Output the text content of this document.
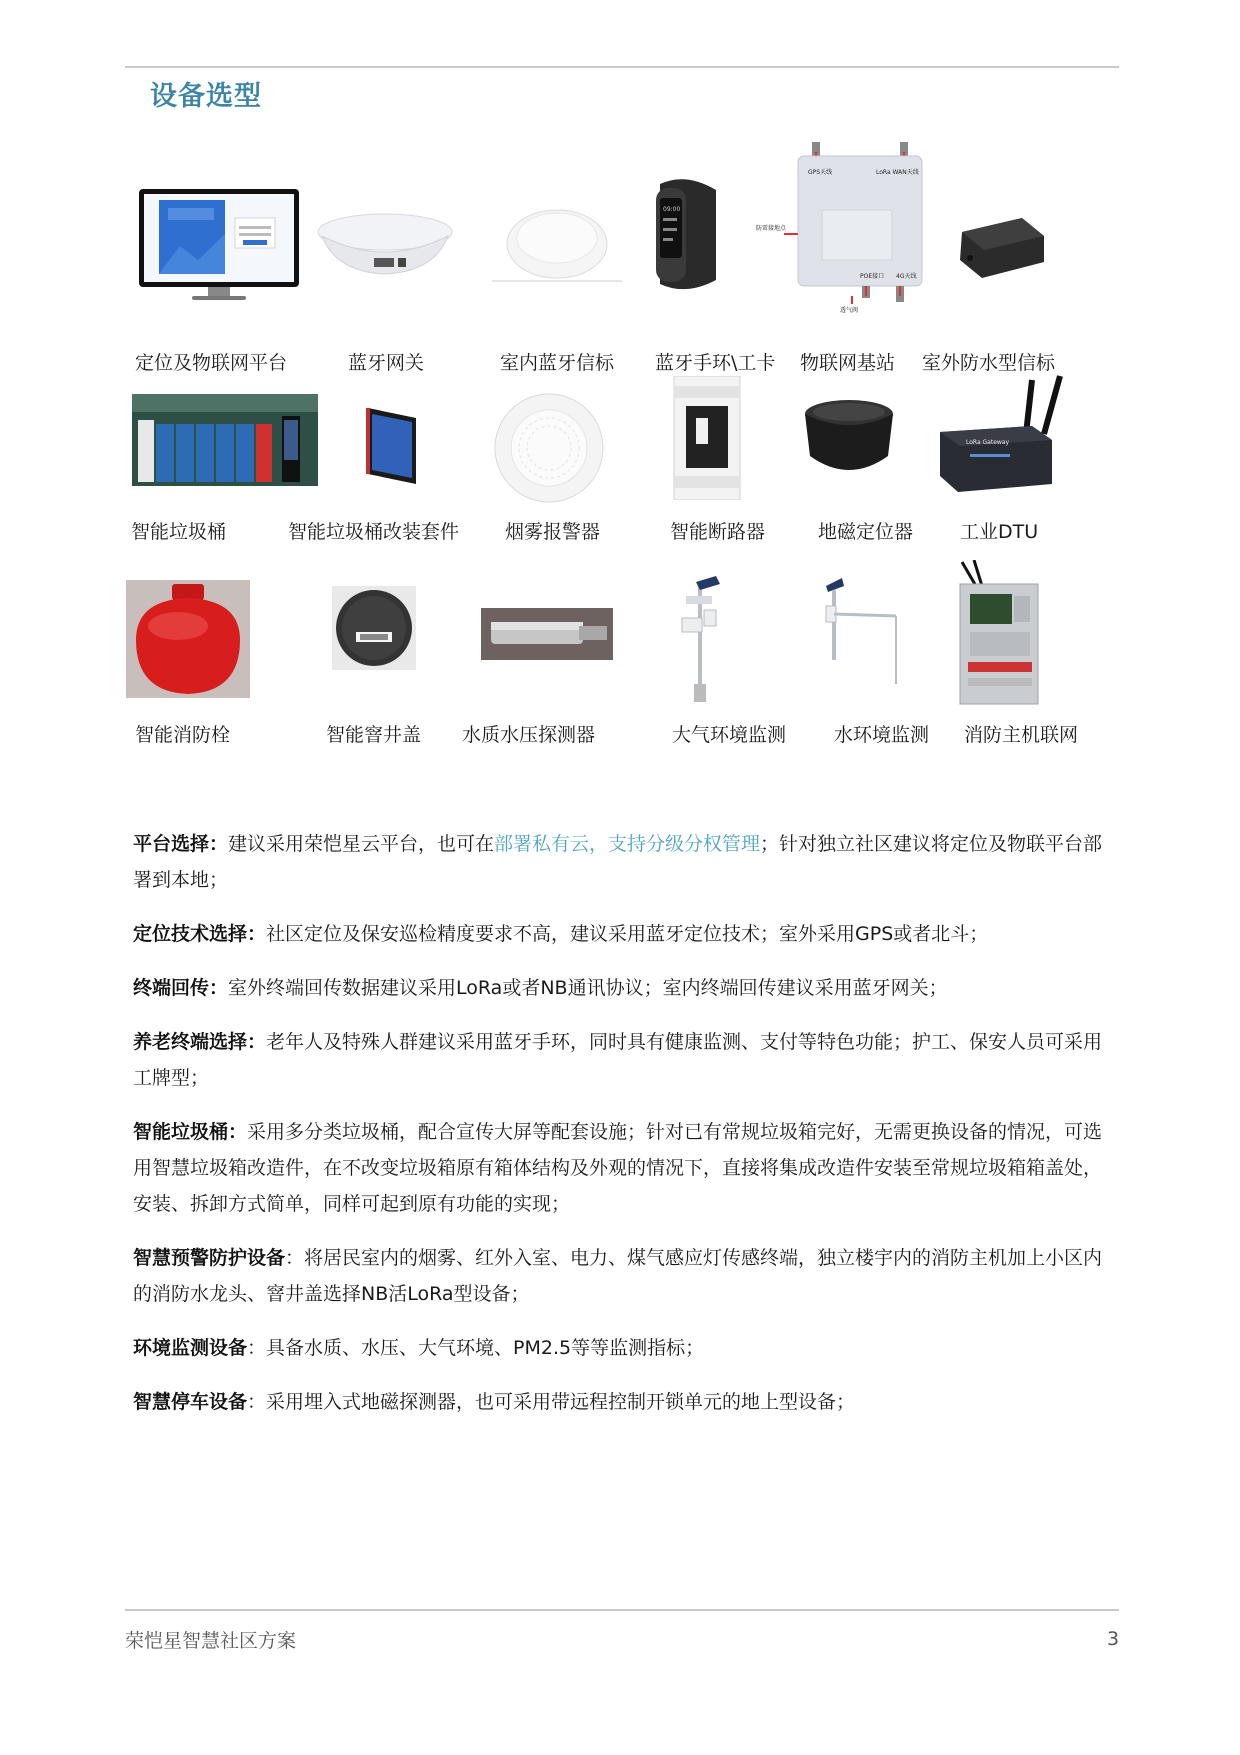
设备选型
09:00
GPS天线	LoRa WAN天线
防雷接地点
POE接口 4G天线
透气阀
定位及物联网平台	蓝牙网关	室内蓝牙信标 蓝牙手环\工卡 物联网基站 室外防水型信标
LoRa Gateway
智能垃圾桶	智能垃圾桶改装套件 烟雾报警器	智能断路器	地磁定位器 工业DTU
智能消防栓	智能窨井盖 水质水压探测器	大气环境监测	水环境监测 消防主机联网
平台选择：建议采用荣恺星云平台，也可在部署私有云，支持分级分权管理；针对独立社区建议将定位及物联平台部署到本地；
定位技术选择：社区定位及保安巡检精度要求不高，建议采用蓝牙定位技术；室外采用GPS或者北斗；
终端回传：室外终端回传数据建议采用LoRa或者NB通讯协议；室内终端回传建议采用蓝牙网关；
养老终端选择：老年人及特殊人群建议采用蓝牙手环，同时具有健康监测、支付等特色功能；护工、保安人员可采用工牌型；
智能垃圾桶：采用多分类垃圾桶，配合宣传大屏等配套设施；针对已有常规垃圾箱完好，无需更换设备的情况，可选用智慧垃圾箱改造件，在不改变垃圾箱原有箱体结构及外观的情况下，直接将集成改造件安装至常规垃圾箱箱盖处，安装、拆卸方式简单，同样可起到原有功能的实现；
智慧预警防护设备：将居民室内的烟雾、红外入室、电力、煤气感应灯传感终端，独立楼宇内的消防主机加上小区内的消防水龙头、窨井盖选择NB活LoRa型设备；
环境监测设备：具备水质、水压、大气环境、PM2.5等等监测指标；
智慧停车设备：采用埋入式地磁探测器，也可采用带远程控制开锁单元的地上型设备；
荣恺星智慧社区方案	3
